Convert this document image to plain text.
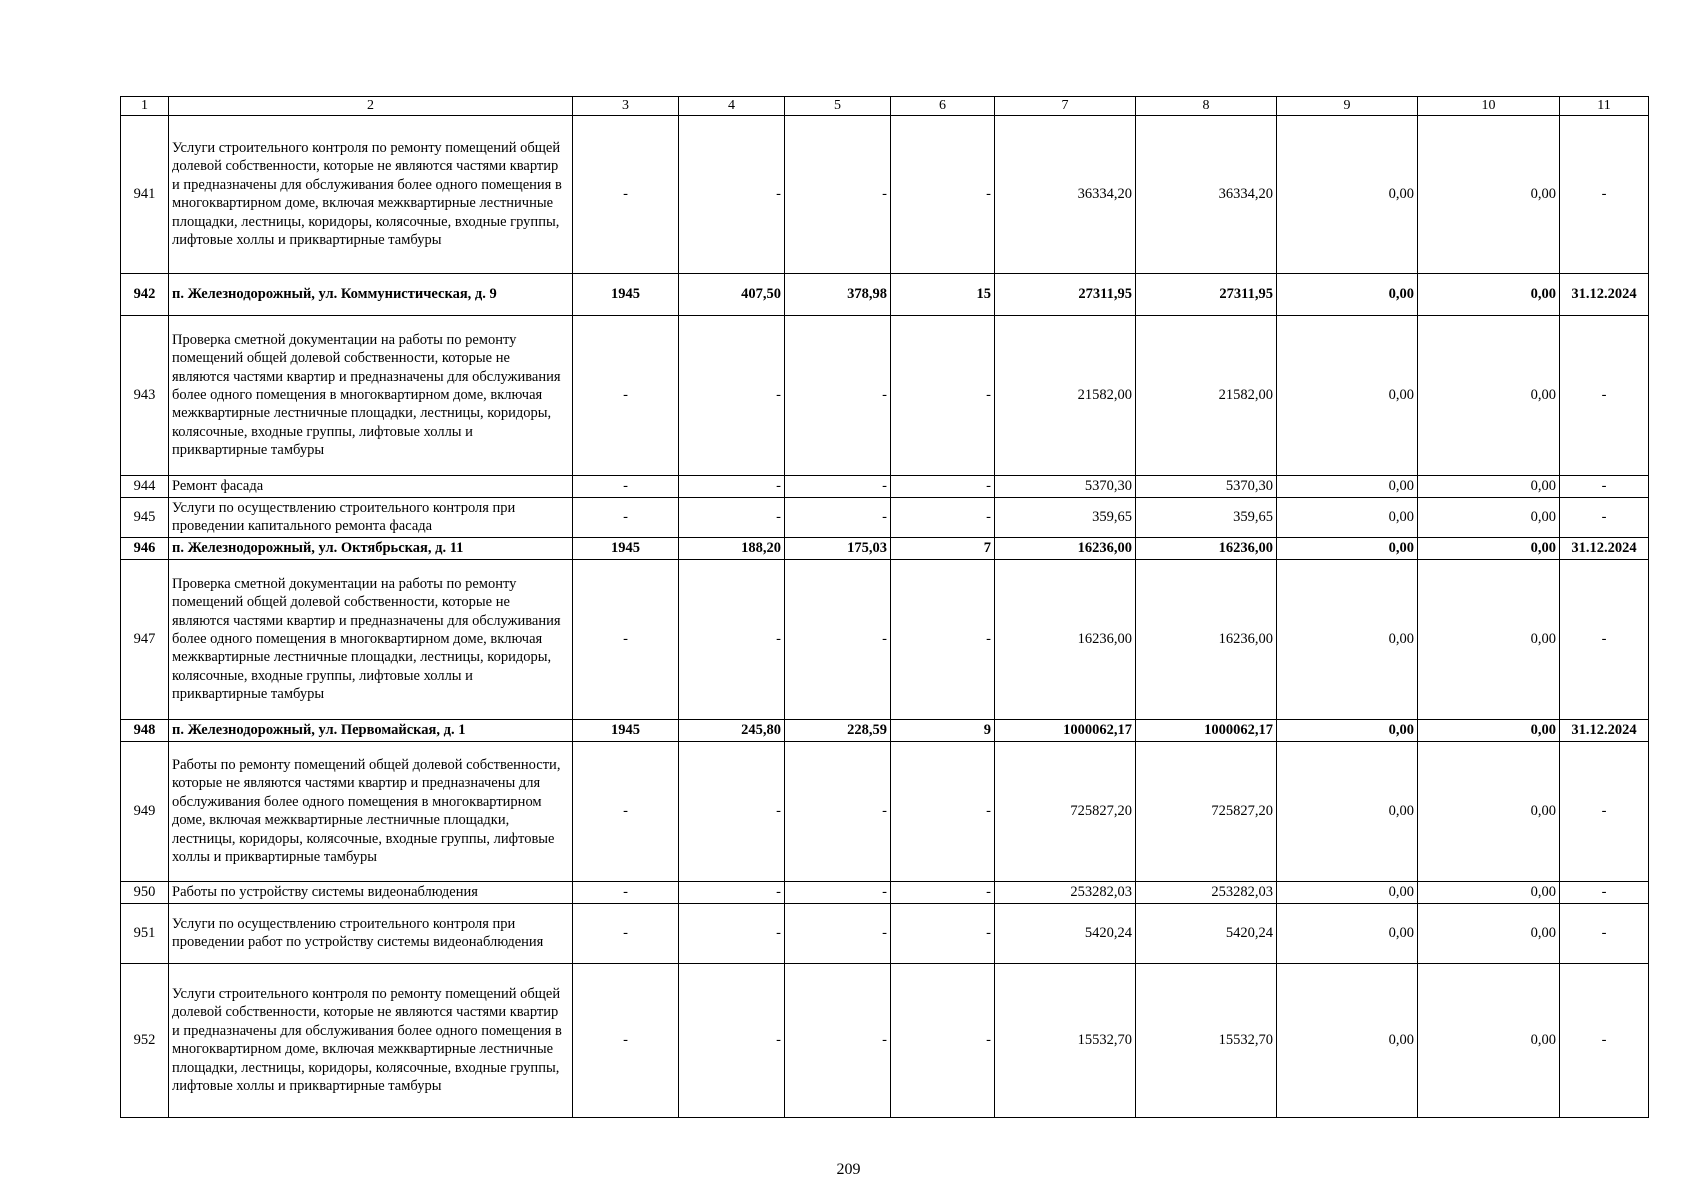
1	2	3	4	5	6	7	8	9	10	11
941	Услуги строительного контроля по ремонту помещений общей долевой собственности, которые не являются частями квартир и предназначены для обслуживания более одного помещения в многоквартирном доме, включая межквартирные лестничные площадки, лестницы, коридоры, колясочные, входные группы, лифтовые холлы и приквартирные тамбуры	-	-	-	-	36334,20	36334,20	0,00	0,00	-
942	п. Железнодорожный, ул. Коммунистическая, д. 9	1945	407,50	378,98	15	27311,95	27311,95	0,00	0,00	31.12.2024
943	Проверка сметной документации на работы по ремонту помещений общей долевой собственности, которые не являются частями квартир и предназначены для обслуживания более одного помещения в многоквартирном доме, включая межквартирные лестничные площадки, лестницы, коридоры, колясочные, входные группы, лифтовые холлы и приквартирные тамбуры	-	-	-	-	21582,00	21582,00	0,00	0,00	-
944	Ремонт фасада	-	-	-	-	5370,30	5370,30	0,00	0,00	-
945	Услуги по осуществлению строительного контроля при проведении капитального ремонта фасада	-	-	-	-	359,65	359,65	0,00	0,00	-
946	п. Железнодорожный, ул. Октябрьская, д. 11	1945	188,20	175,03	7	16236,00	16236,00	0,00	0,00	31.12.2024
947	Проверка сметной документации на работы по ремонту помещений общей долевой собственности, которые не являются частями квартир и предназначены для обслуживания более одного помещения в многоквартирном доме, включая межквартирные лестничные площадки, лестницы, коридоры, колясочные, входные группы, лифтовые холлы и приквартирные тамбуры	-	-	-	-	16236,00	16236,00	0,00	0,00	-
948	п. Железнодорожный, ул. Первомайская, д. 1	1945	245,80	228,59	9	1000062,17	1000062,17	0,00	0,00	31.12.2024
949	Работы по ремонту помещений общей долевой собственности, которые не являются частями квартир и предназначены для обслуживания более одного помещения в многоквартирном доме, включая межквартирные лестничные площадки, лестницы, коридоры, колясочные, входные группы, лифтовые холлы и приквартирные тамбуры	-	-	-	-	725827,20	725827,20	0,00	0,00	-
950	Работы по устройству системы видеонаблюдения	-	-	-	-	253282,03	253282,03	0,00	0,00	-
951	Услуги по осуществлению строительного контроля при проведении работ по устройству системы видеонаблюдения	-	-	-	-	5420,24	5420,24	0,00	0,00	-
952	Услуги строительного контроля по ремонту помещений общей долевой собственности, которые не являются частями квартир и предназначены для обслуживания более одного помещения в многоквартирном доме, включая межквартирные лестничные площадки, лестницы, коридоры, колясочные, входные группы, лифтовые холлы и приквартирные тамбуры	-	-	-	-	15532,70	15532,70	0,00	0,00	-
209
